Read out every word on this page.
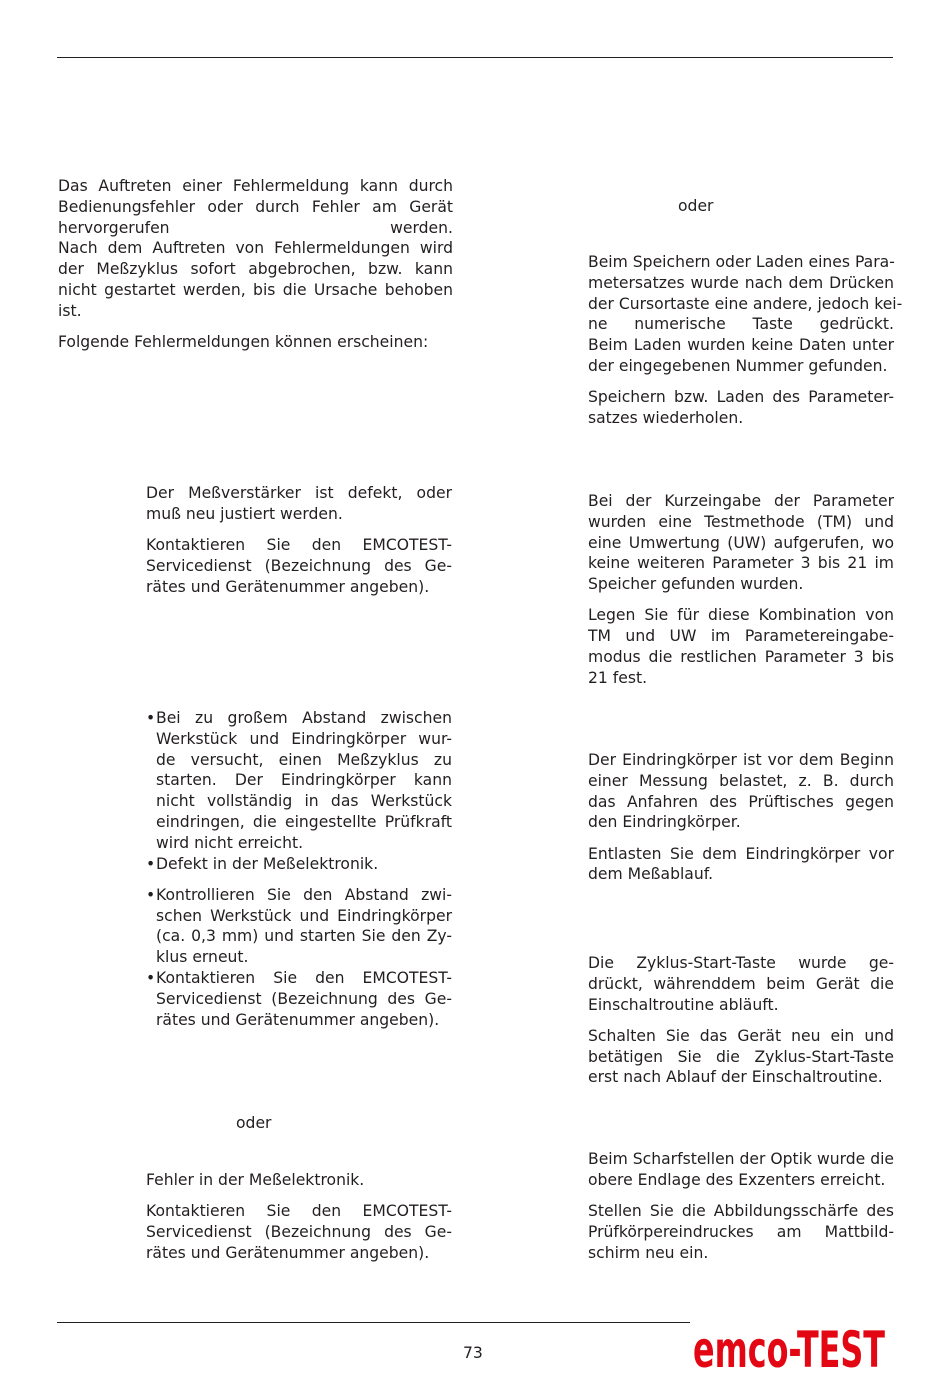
Das Auftreten einer Fehlermeldung kann durch
Bedienungsfehler oder durch Fehler am Gerät
hervorgerufen werden.
Nach dem Auftreten von Fehlermeldungen wird
der Meßzyklus sofort abgebrochen, bzw. kann
nicht gestartet werden, bis die Ursache behoben
ist.

Folgende Fehlermeldungen können erscheinen:

Der Meßverstärker ist defekt, oder
muß neu justiert werden.

Kontaktieren Sie den EMCOTEST-
Servicedienst (Bezeichnung des Ge-
rätes und Gerätenummer angeben).

• Bei zu großem Abstand zwischen
Werkstück und Eindringkörper wur-
de versucht, einen Meßzyklus zu
starten. Der Eindringkörper kann
nicht vollständig in das Werkstück
eindringen, die eingestellte Prüfkraft
wird nicht erreicht.
• Defekt in der Meßelektronik.

• Kontrollieren Sie den Abstand zwi-
schen Werkstück und Eindringkörper
(ca. 0,3 mm) und starten Sie den Zy-
klus erneut.
• Kontaktieren Sie den EMCOTEST-
Servicedienst (Bezeichnung des Ge-
rätes und Gerätenummer angeben).

oder

Fehler in der Meßelektronik.

Kontaktieren Sie den EMCOTEST-
Servicedienst (Bezeichnung des Ge-
rätes und Gerätenummer angeben).

oder

Beim Speichern oder Laden eines Para-
metersatzes wurde nach dem Drücken
der Cursortaste eine andere, jedoch kei-
ne numerische Taste gedrückt.
Beim Laden wurden keine Daten unter
der eingegebenen Nummer gefunden.

Speichern bzw. Laden des Parameter-
satzes wiederholen.

Bei der Kurzeingabe der Parameter
wurden eine Testmethode (TM) und
eine Umwertung (UW) aufgerufen, wo
keine weiteren Parameter 3 bis 21 im
Speicher gefunden wurden.

Legen Sie für diese Kombination von
TM und UW im Parametereingabe-
modus die restlichen Parameter 3 bis
21 fest.

Der Eindringkörper ist vor dem Beginn
einer Messung belastet, z. B. durch
das Anfahren des Prüftisches gegen
den Eindringkörper.

Entlasten Sie dem Eindringkörper vor
dem Meßablauf.

Die Zyklus-Start-Taste wurde ge-
drückt, währenddem beim Gerät die
Einschaltroutine abläuft.

Schalten Sie das Gerät neu ein und
betätigen Sie die Zyklus-Start-Taste
erst nach Ablauf der Einschaltroutine.

Beim Scharfstellen der Optik wurde die
obere Endlage des Exzenters erreicht.

Stellen Sie die Abbildungsschärfe des
Prüfkörpereindruckes am Mattbild-
schirm neu ein.

73	emco-TEST
